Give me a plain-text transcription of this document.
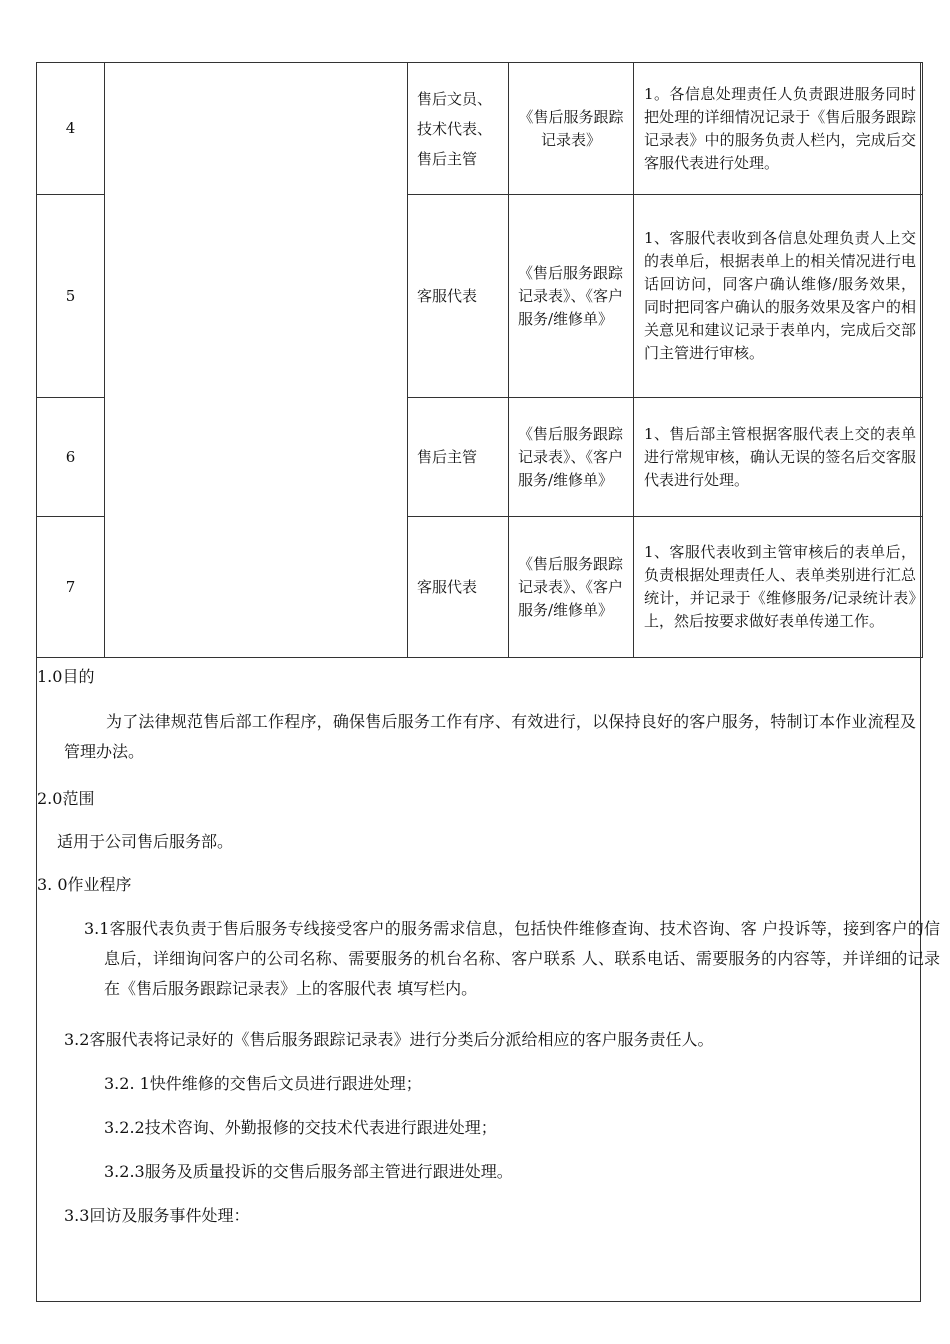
4		售后文员、技术代表、售后主管	《售后服务跟踪记录表》	1。各信息处理责任人负责跟进服务同时把处理的详细情况记录于《售后服务跟踪记录表》中的服务负责人栏内，完成后交客服代表进行处理。
5		客服代表	《售后服务跟踪记录表》、《客户服务/维修单》	1、客服代表收到各信息处理负责人上交的表单后，根据表单上的相关情况进行电话回访问，同客户确认维修/服务效果，同时把同客户确认的服务效果及客户的相关意见和建议记录于表单内，完成后交部门主管进行审核。
6		售后主管	《售后服务跟踪记录表》、《客户服务/维修单》	1、售后部主管根据客服代表上交的表单进行常规审核，确认无误的签名后交客服代表进行处理。
7		客服代表	《售后服务跟踪记录表》、《客户服务/维修单》	1、客服代表收到主管审核后的表单后，负责根据处理责任人、表单类别进行汇总统计，并记录于《维修服务/记录统计表》上，然后按要求做好表单传递工作。
1.0目的
为了法律规范售后部工作程序，确保售后服务工作有序、有效进行，以保持良好的客户服务，特制订本作业流程及管理办法。
2.0范围
适用于公司售后服务部。
3. 0作业程序
3.1客服代表负责于售后服务专线接受客户的服务需求信息，包括快件维修查询、技术咨询、客 户投诉等，接到客户的信息后，详细询问客户的公司名称、需要服务的机台名称、客户联系 人、联系电话、需要服务的内容等，并详细的记录在《售后服务跟踪记录表》上的客服代表 填写栏内。
3.2客服代表将记录好的《售后服务跟踪记录表》进行分类后分派给相应的客户服务责任人。
3.2. 1快件维修的交售后文员进行跟进处理；
3.2.2技术咨询、外勤报修的交技术代表进行跟进处理；
3.2.3服务及质量投诉的交售后服务部主管进行跟进处理。
3.3回访及服务事件处理：
